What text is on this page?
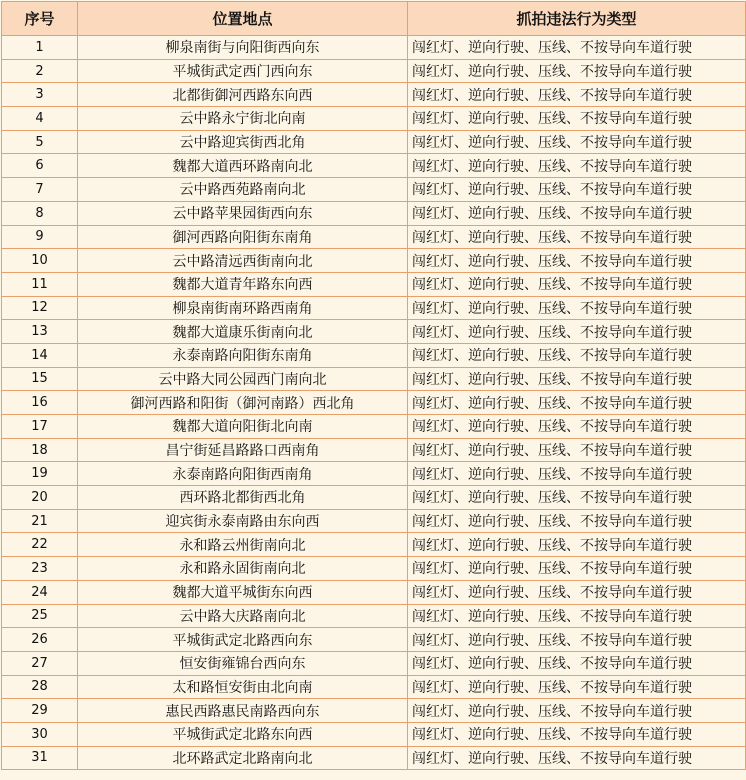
序号	位置地点	抓拍违法行为类型
1	柳泉南街与向阳街西向东	闯红灯、逆向行驶、压线、不按导向车道行驶
2	平城街武定西门西向东	闯红灯、逆向行驶、压线、不按导向车道行驶
3	北都街御河西路东向西	闯红灯、逆向行驶、压线、不按导向车道行驶
4	云中路永宁街北向南	闯红灯、逆向行驶、压线、不按导向车道行驶
5	云中路迎宾街西北角	闯红灯、逆向行驶、压线、不按导向车道行驶
6	魏都大道西环路南向北	闯红灯、逆向行驶、压线、不按导向车道行驶
7	云中路西苑路南向北	闯红灯、逆向行驶、压线、不按导向车道行驶
8	云中路苹果园街西向东	闯红灯、逆向行驶、压线、不按导向车道行驶
9	御河西路向阳街东南角	闯红灯、逆向行驶、压线、不按导向车道行驶
10	云中路清远西街南向北	闯红灯、逆向行驶、压线、不按导向车道行驶
11	魏都大道青年路东向西	闯红灯、逆向行驶、压线、不按导向车道行驶
12	柳泉南街南环路西南角	闯红灯、逆向行驶、压线、不按导向车道行驶
13	魏都大道康乐街南向北	闯红灯、逆向行驶、压线、不按导向车道行驶
14	永泰南路向阳街东南角	闯红灯、逆向行驶、压线、不按导向车道行驶
15	云中路大同公园西门南向北	闯红灯、逆向行驶、压线、不按导向车道行驶
16	御河西路和阳街（御河南路）西北角	闯红灯、逆向行驶、压线、不按导向车道行驶
17	魏都大道向阳街北向南	闯红灯、逆向行驶、压线、不按导向车道行驶
18	昌宁街延昌路路口西南角	闯红灯、逆向行驶、压线、不按导向车道行驶
19	永泰南路向阳街西南角	闯红灯、逆向行驶、压线、不按导向车道行驶
20	西环路北都街西北角	闯红灯、逆向行驶、压线、不按导向车道行驶
21	迎宾街永泰南路由东向西	闯红灯、逆向行驶、压线、不按导向车道行驶
22	永和路云州街南向北	闯红灯、逆向行驶、压线、不按导向车道行驶
23	永和路永固街南向北	闯红灯、逆向行驶、压线、不按导向车道行驶
24	魏都大道平城街东向西	闯红灯、逆向行驶、压线、不按导向车道行驶
25	云中路大庆路南向北	闯红灯、逆向行驶、压线、不按导向车道行驶
26	平城街武定北路西向东	闯红灯、逆向行驶、压线、不按导向车道行驶
27	恒安街雍锦台西向东	闯红灯、逆向行驶、压线、不按导向车道行驶
28	太和路恒安街由北向南	闯红灯、逆向行驶、压线、不按导向车道行驶
29	惠民西路惠民南路西向东	闯红灯、逆向行驶、压线、不按导向车道行驶
30	平城街武定北路东向西	闯红灯、逆向行驶、压线、不按导向车道行驶
31	北环路武定北路南向北	闯红灯、逆向行驶、压线、不按导向车道行驶
